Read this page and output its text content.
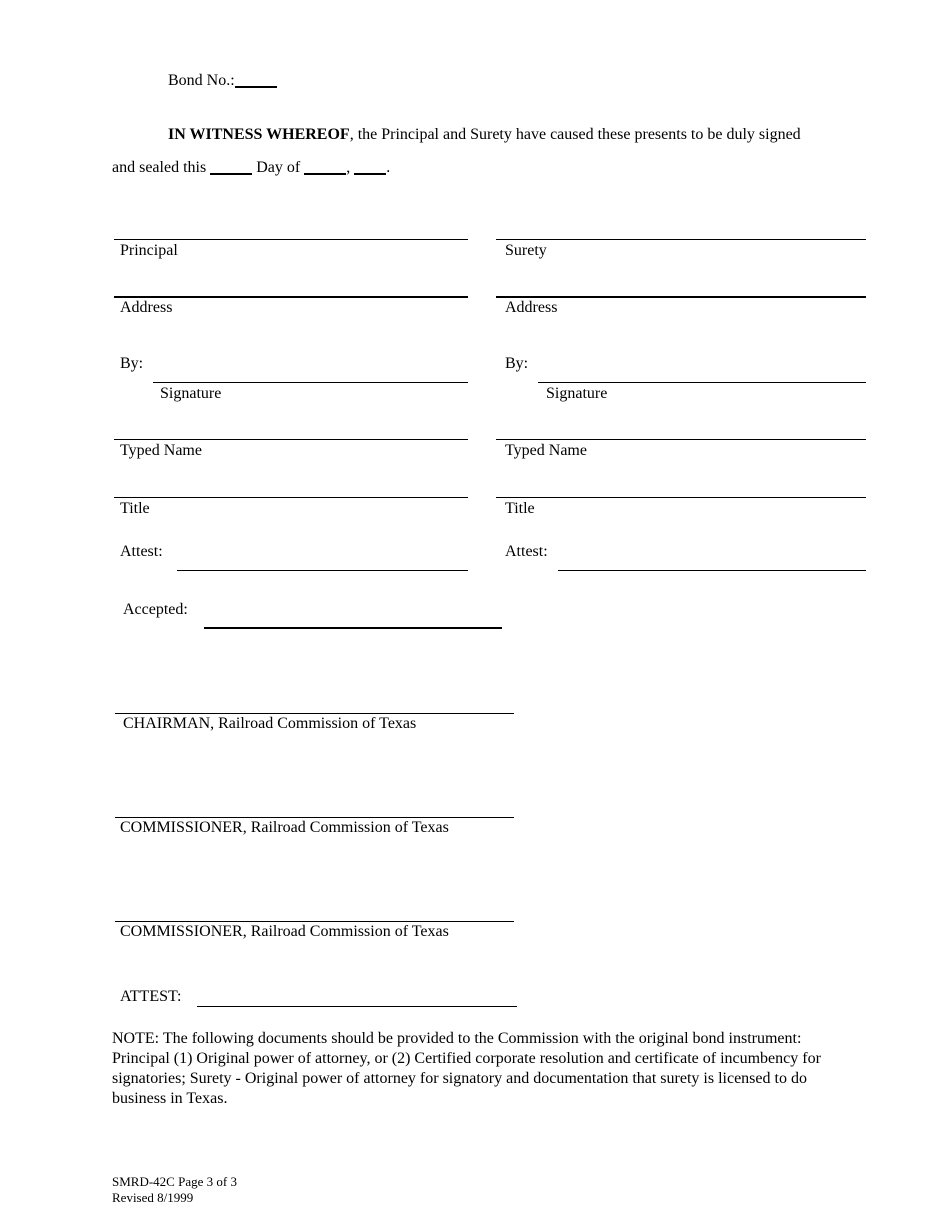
Bond No.:
IN WITNESS WHEREOF, the Principal and Surety have caused these presents to be duly signed
and sealed this	Day of	, .
Principal
Address
By:
Signature
Typed Name
Title
Attest:
Surety
Address
By:
Signature
Typed Name
Title
Attest:
Accepted:
CHAIRMAN, Railroad Commission of Texas
COMMISSIONER, Railroad Commission of Texas
COMMISSIONER, Railroad Commission of Texas
ATTEST:
NOTE: The following documents should be provided to the Commission with the original bond instrument: Principal (1) Original power of attorney, or (2) Certified corporate resolution and certificate of incumbency for signatories; Surety - Original power of attorney for signatory and documentation that surety is licensed to do business in Texas.
SMRD-42C Page 3 of 3
Revised 8/1999
